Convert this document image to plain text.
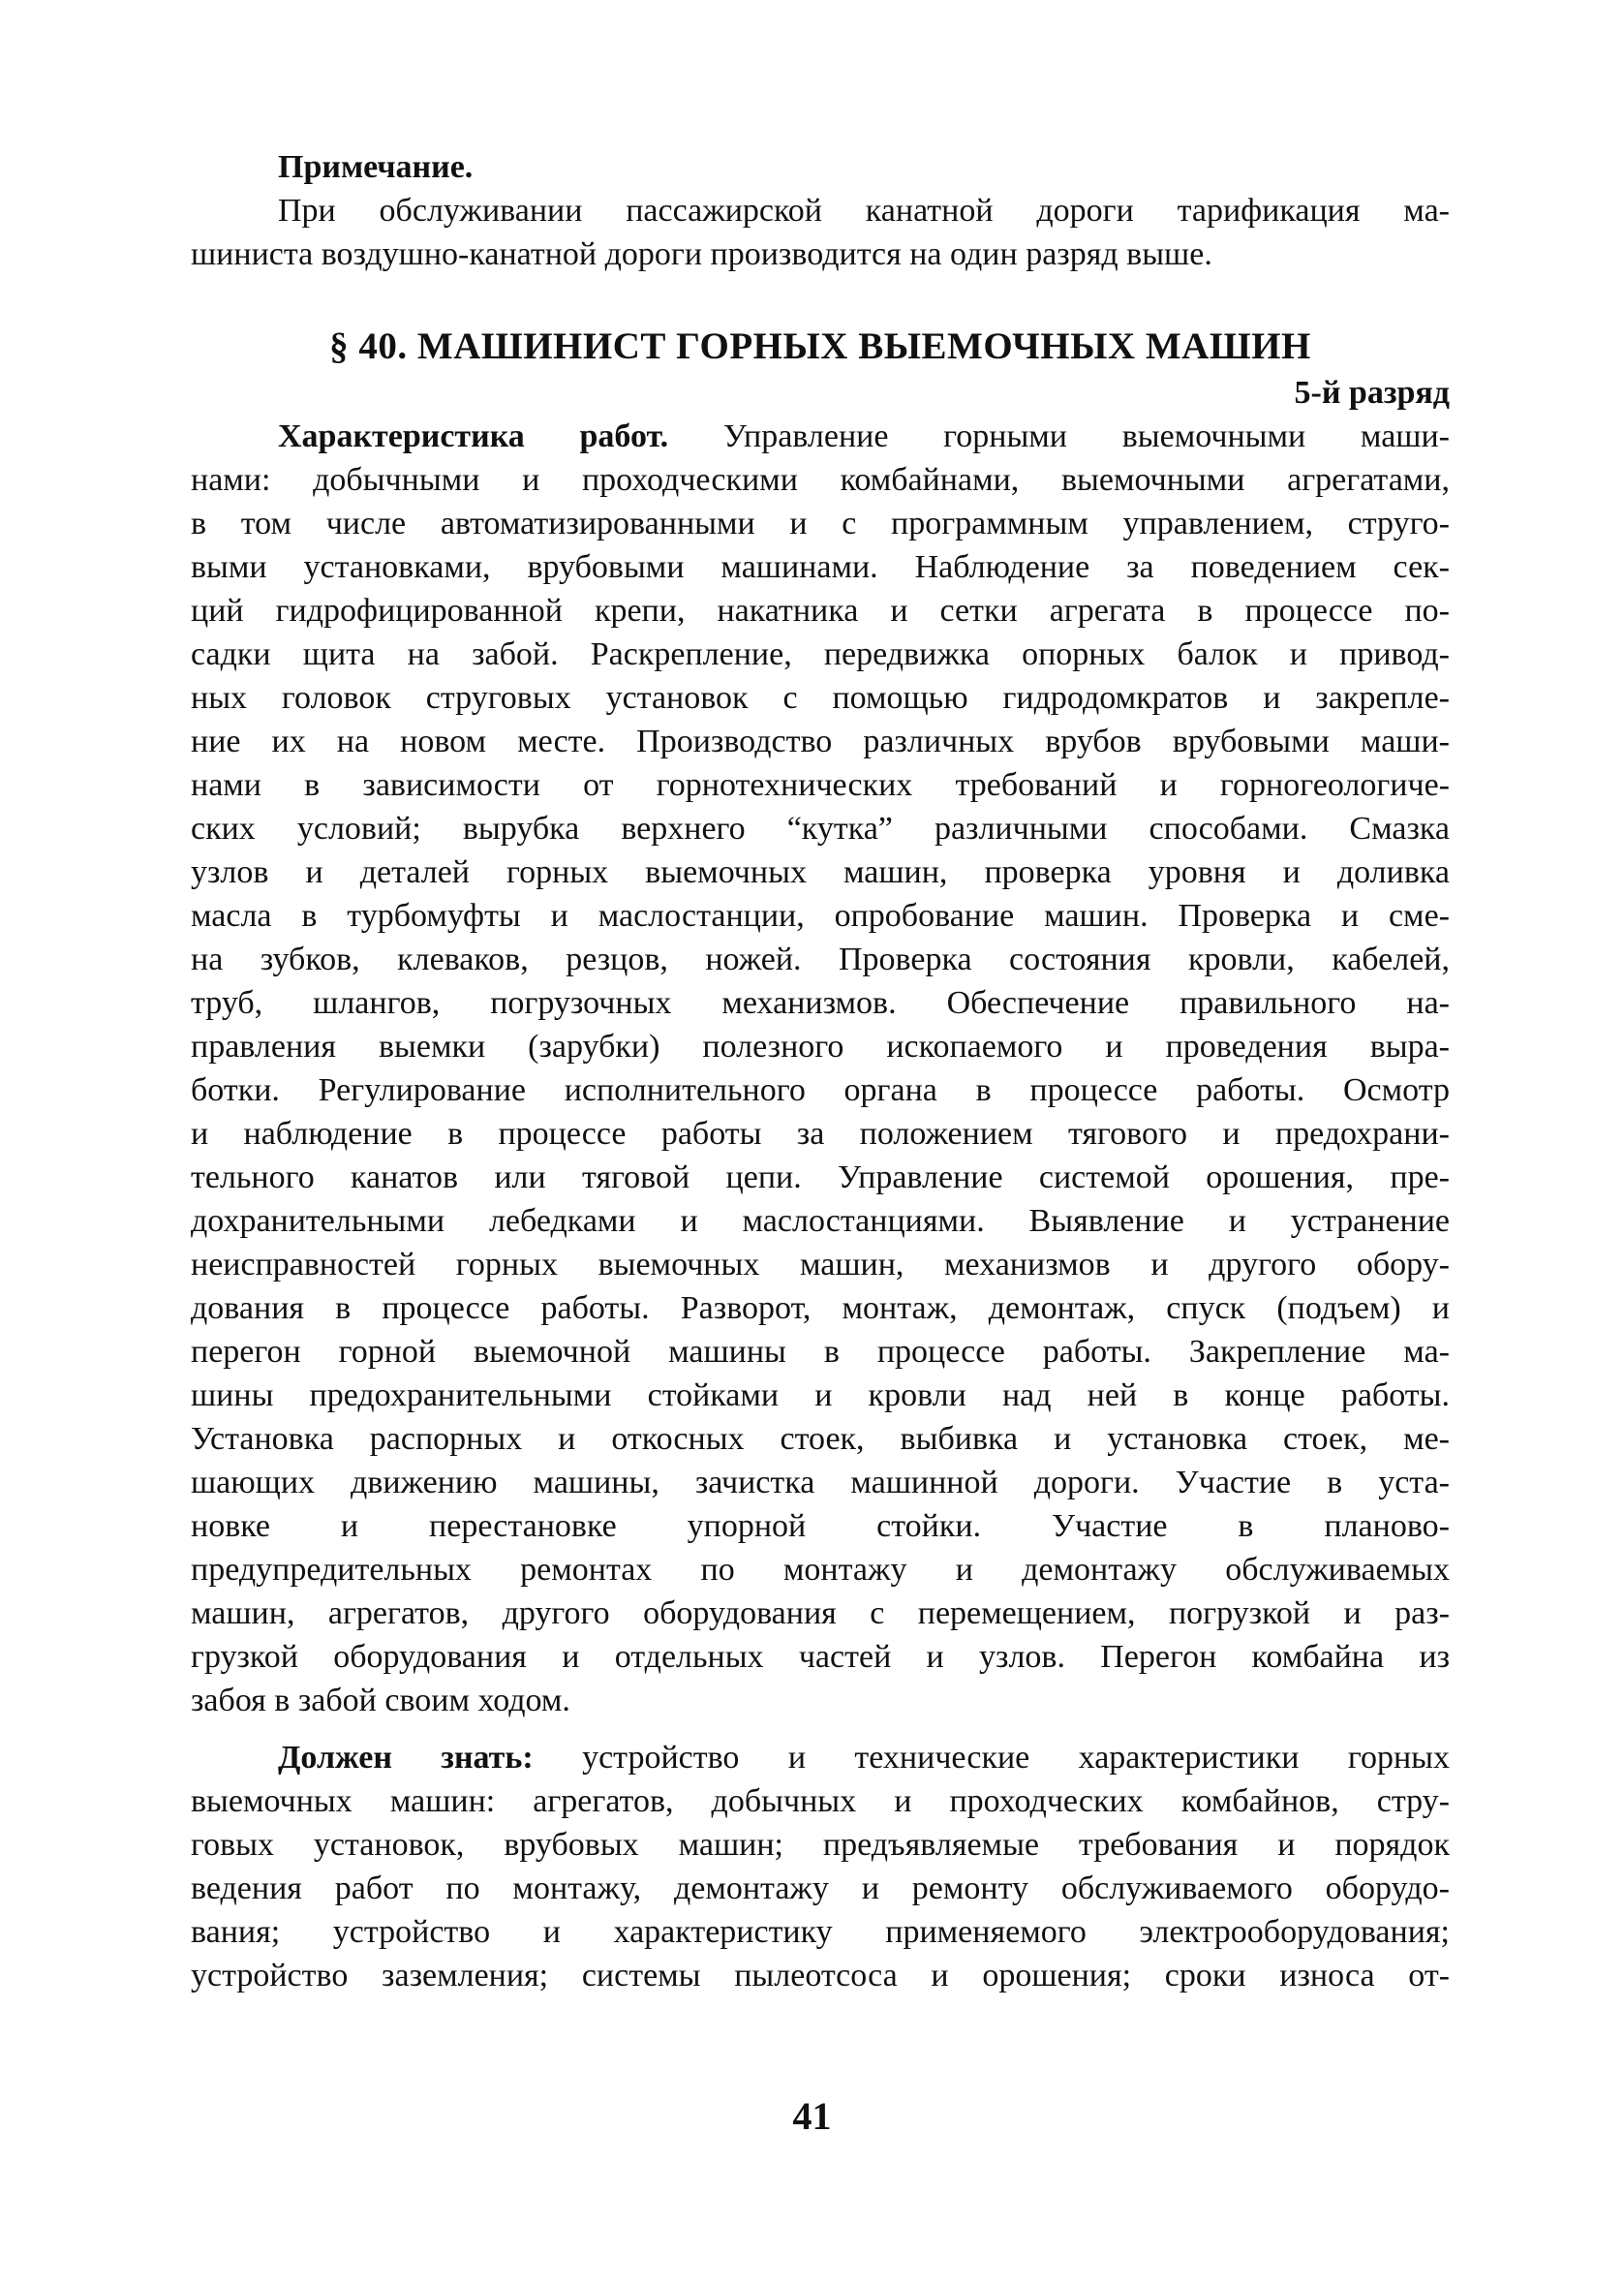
Примечание.
При обслуживании пассажирской канатной дороги тарификация ма-
шиниста воздушно-канатной дороги производится на один разряд выше.
§ 40. МАШИНИСТ ГОРНЫХ ВЫЕМОЧНЫХ МАШИН
5-й разряд
Характеристика работ. Управление горными выемочными маши-
нами: добычными и проходческими комбайнами, выемочными агрегатами,
в том числе автоматизированными и с программным управлением, струго-
выми установками, врубовыми машинами. Наблюдение за поведением сек-
ций гидрофицированной крепи, накатника и сетки агрегата в процессе по-
садки щита на забой. Раскрепление, передвижка опорных балок и привод-
ных головок струговых установок с помощью гидродомкратов и закрепле-
ние их на новом месте. Производство различных врубов врубовыми маши-
нами в зависимости от горнотехнических требований и горногеологиче-
ских условий; вырубка верхнего “кутка” различными способами. Смазка
узлов и деталей горных выемочных машин, проверка уровня и доливка
масла в турбомуфты и маслостанции, опробование машин. Проверка и сме-
на зубков, клеваков, резцов, ножей. Проверка состояния кровли, кабелей,
труб, шлангов, погрузочных механизмов. Обеспечение правильного на-
правления выемки (зарубки) полезного ископаемого и проведения выра-
ботки. Регулирование исполнительного органа в процессе работы. Осмотр
и наблюдение в процессе работы за положением тягового и предохрани-
тельного канатов или тяговой цепи. Управление системой орошения, пре-
дохранительными лебедками и маслостанциями. Выявление и устранение
неисправностей горных выемочных машин, механизмов и другого обору-
дования в процессе работы. Разворот, монтаж, демонтаж, спуск (подъем) и
перегон горной выемочной машины в процессе работы. Закрепление ма-
шины предохранительными стойками и кровли над ней в конце работы.
Установка распорных и откосных стоек, выбивка и установка стоек, ме-
шающих движению машины, зачистка машинной дороги. Участие в уста-
новке и перестановке упорной стойки. Участие в планово-
предупредительных ремонтах по монтажу и демонтажу обслуживаемых
машин, агрегатов, другого оборудования с перемещением, погрузкой и раз-
грузкой оборудования и отдельных частей и узлов. Перегон комбайна из
забоя в забой своим ходом.
Должен знать: устройство и технические характеристики горных
выемочных машин: агрегатов, добычных и проходческих комбайнов, стру-
говых установок, врубовых машин; предъявляемые требования и порядок
ведения работ по монтажу, демонтажу и ремонту обслуживаемого оборудо-
вания; устройство и характеристику применяемого электрооборудования;
устройство заземления; системы пылеотсоса и орошения; сроки износа от-
41
